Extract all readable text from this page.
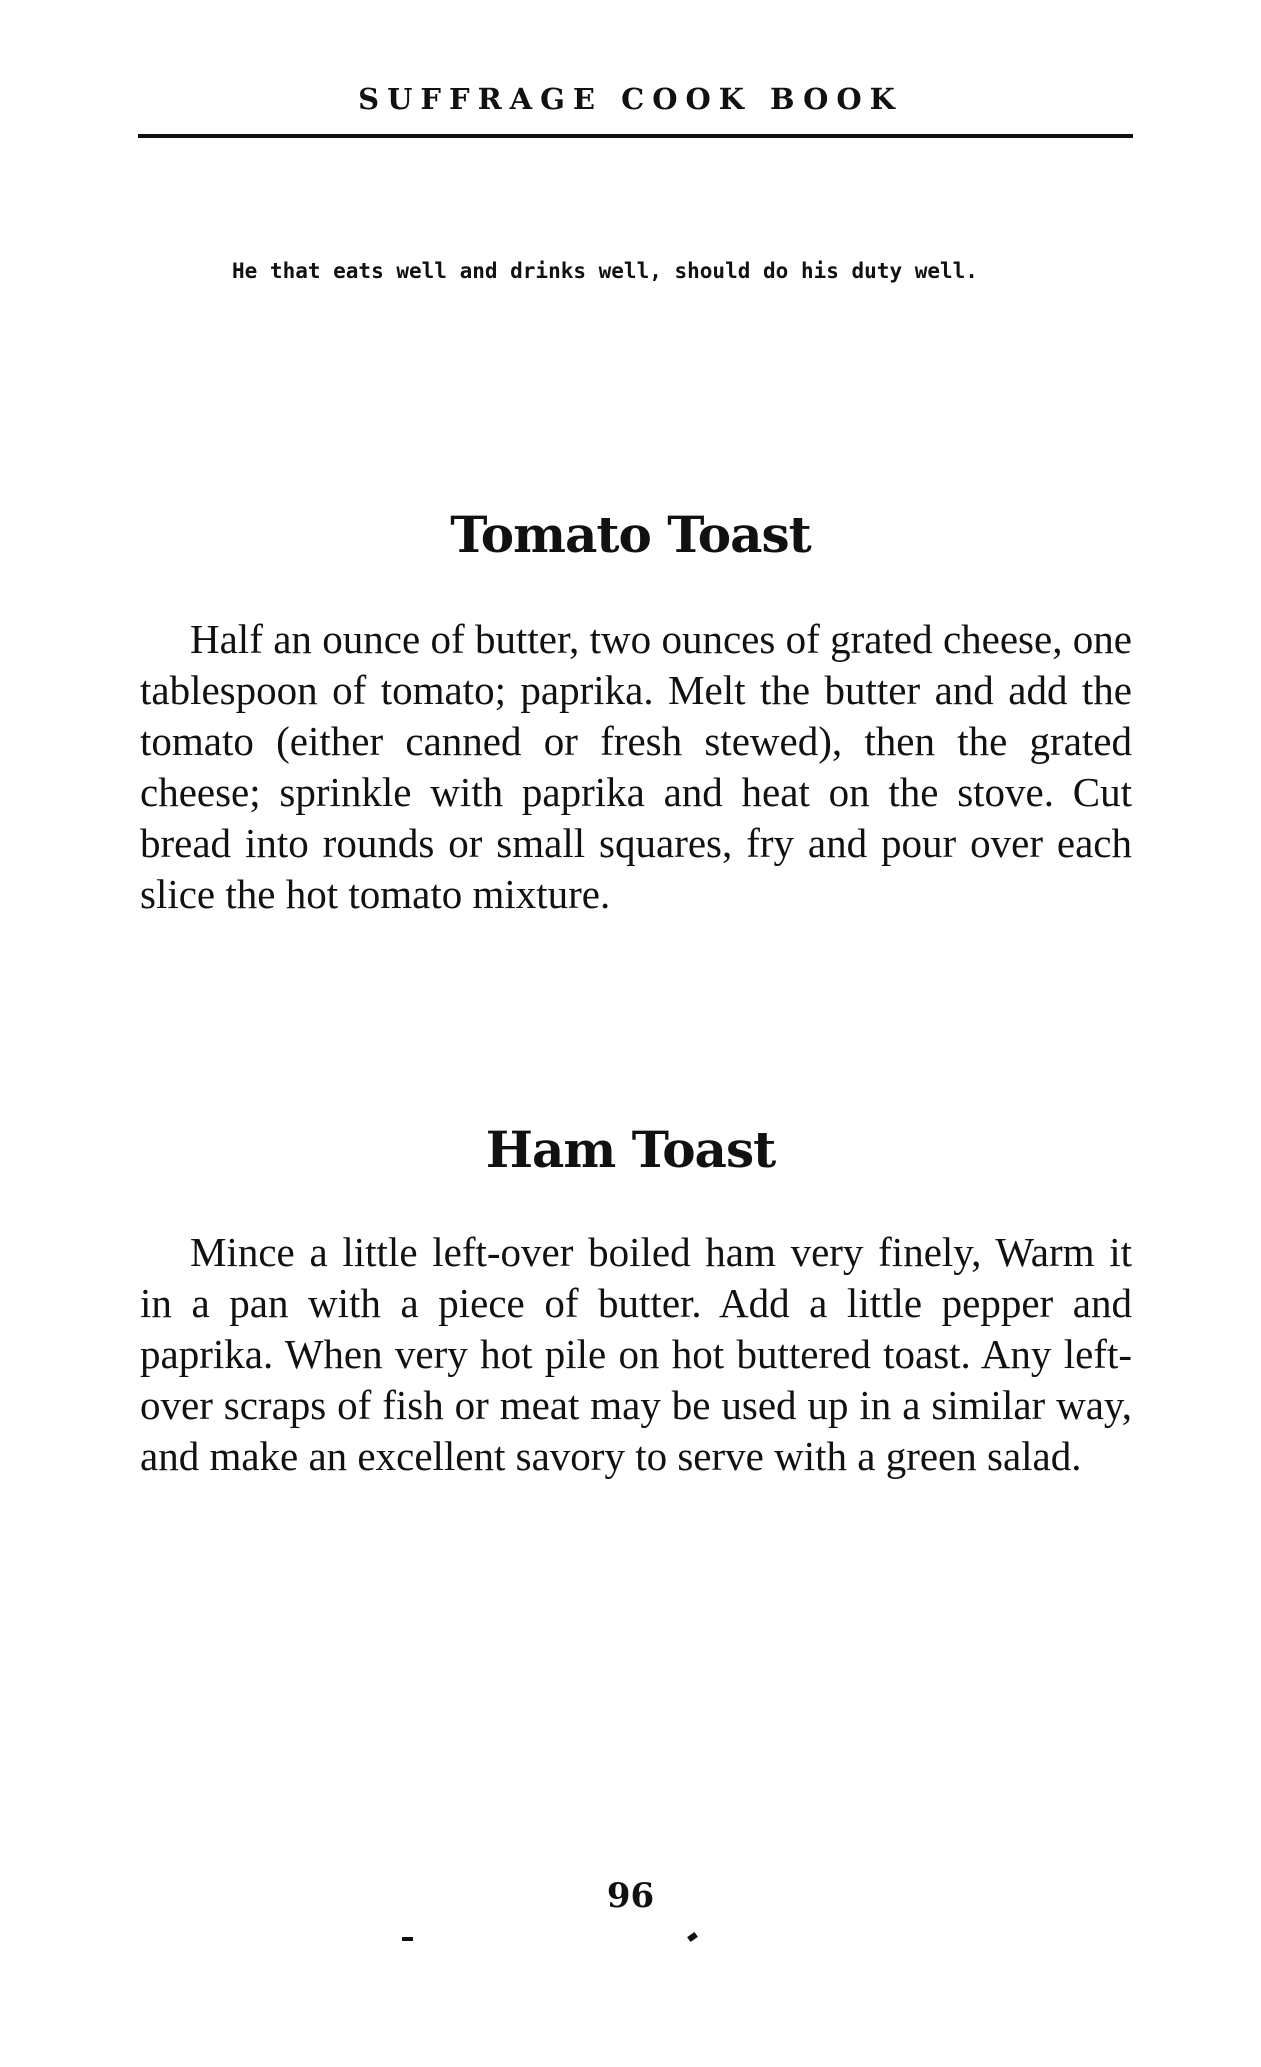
SUFFRAGE COOK BOOK
He that eats well and drinks well, should do his duty well.
Tomato Toast
Half an ounce of butter, two ounces of grated cheese, one tablespoon of tomato; paprika. Melt the butter and add the tomato (either canned or fresh stewed), then the grated cheese; sprinkle with paprika and heat on the stove. Cut bread into rounds or small squares, fry and pour over each slice the hot tomato mixture.
Ham Toast
Mince a little left-over boiled ham very finely, Warm it in a pan with a piece of butter. Add a little pepper and paprika. When very hot pile on hot buttered toast. Any left-over scraps of fish or meat may be used up in a similar way, and make an excellent savory to serve with a green salad.
96
